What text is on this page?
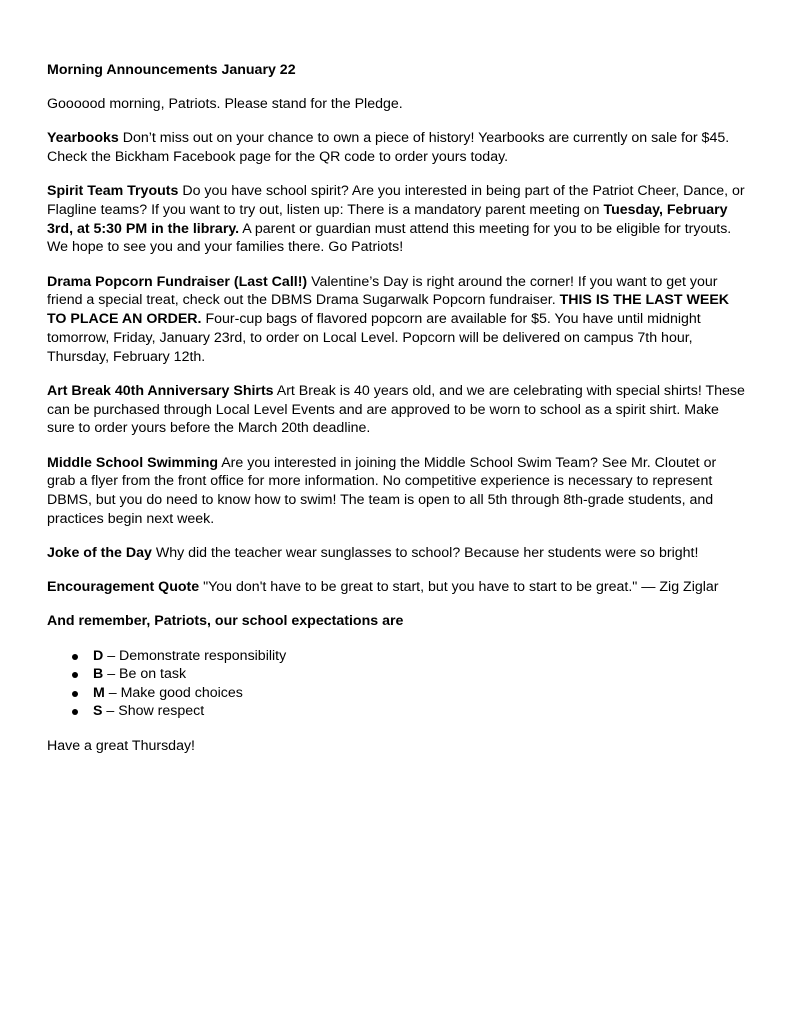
Morning Announcements January 22

Goooood morning, Patriots. Please stand for the Pledge.

Yearbooks Don’t miss out on your chance to own a piece of history! Yearbooks are currently on sale for $45. Check the Bickham Facebook page for the QR code to order yours today.

Spirit Team Tryouts Do you have school spirit? Are you interested in being part of the Patriot Cheer, Dance, or Flagline teams? If you want to try out, listen up: There is a mandatory parent meeting on Tuesday, February 3rd, at 5:30 PM in the library. A parent or guardian must attend this meeting for you to be eligible for tryouts. We hope to see you and your families there. Go Patriots!

Drama Popcorn Fundraiser (Last Call!) Valentine’s Day is right around the corner! If you want to get your friend a special treat, check out the DBMS Drama Sugarwalk Popcorn fundraiser. THIS IS THE LAST WEEK TO PLACE AN ORDER. Four-cup bags of flavored popcorn are available for $5. You have until midnight tomorrow, Friday, January 23rd, to order on Local Level. Popcorn will be delivered on campus 7th hour, Thursday, February 12th.

Art Break 40th Anniversary Shirts Art Break is 40 years old, and we are celebrating with special shirts! These can be purchased through Local Level Events and are approved to be worn to school as a spirit shirt. Make sure to order yours before the March 20th deadline.

Middle School Swimming Are you interested in joining the Middle School Swim Team? See Mr. Cloutet or grab a flyer from the front office for more information. No competitive experience is necessary to represent DBMS, but you do need to know how to swim! The team is open to all 5th through 8th-grade students, and practices begin next week.

Joke of the Day Why did the teacher wear sunglasses to school? Because her students were so bright!

Encouragement Quote "You don't have to be great to start, but you have to start to be great." — Zig Ziglar

And remember, Patriots, our school expectations are

D – Demonstrate responsibility
B – Be on task
M – Make good choices
S – Show respect

Have a great Thursday!
